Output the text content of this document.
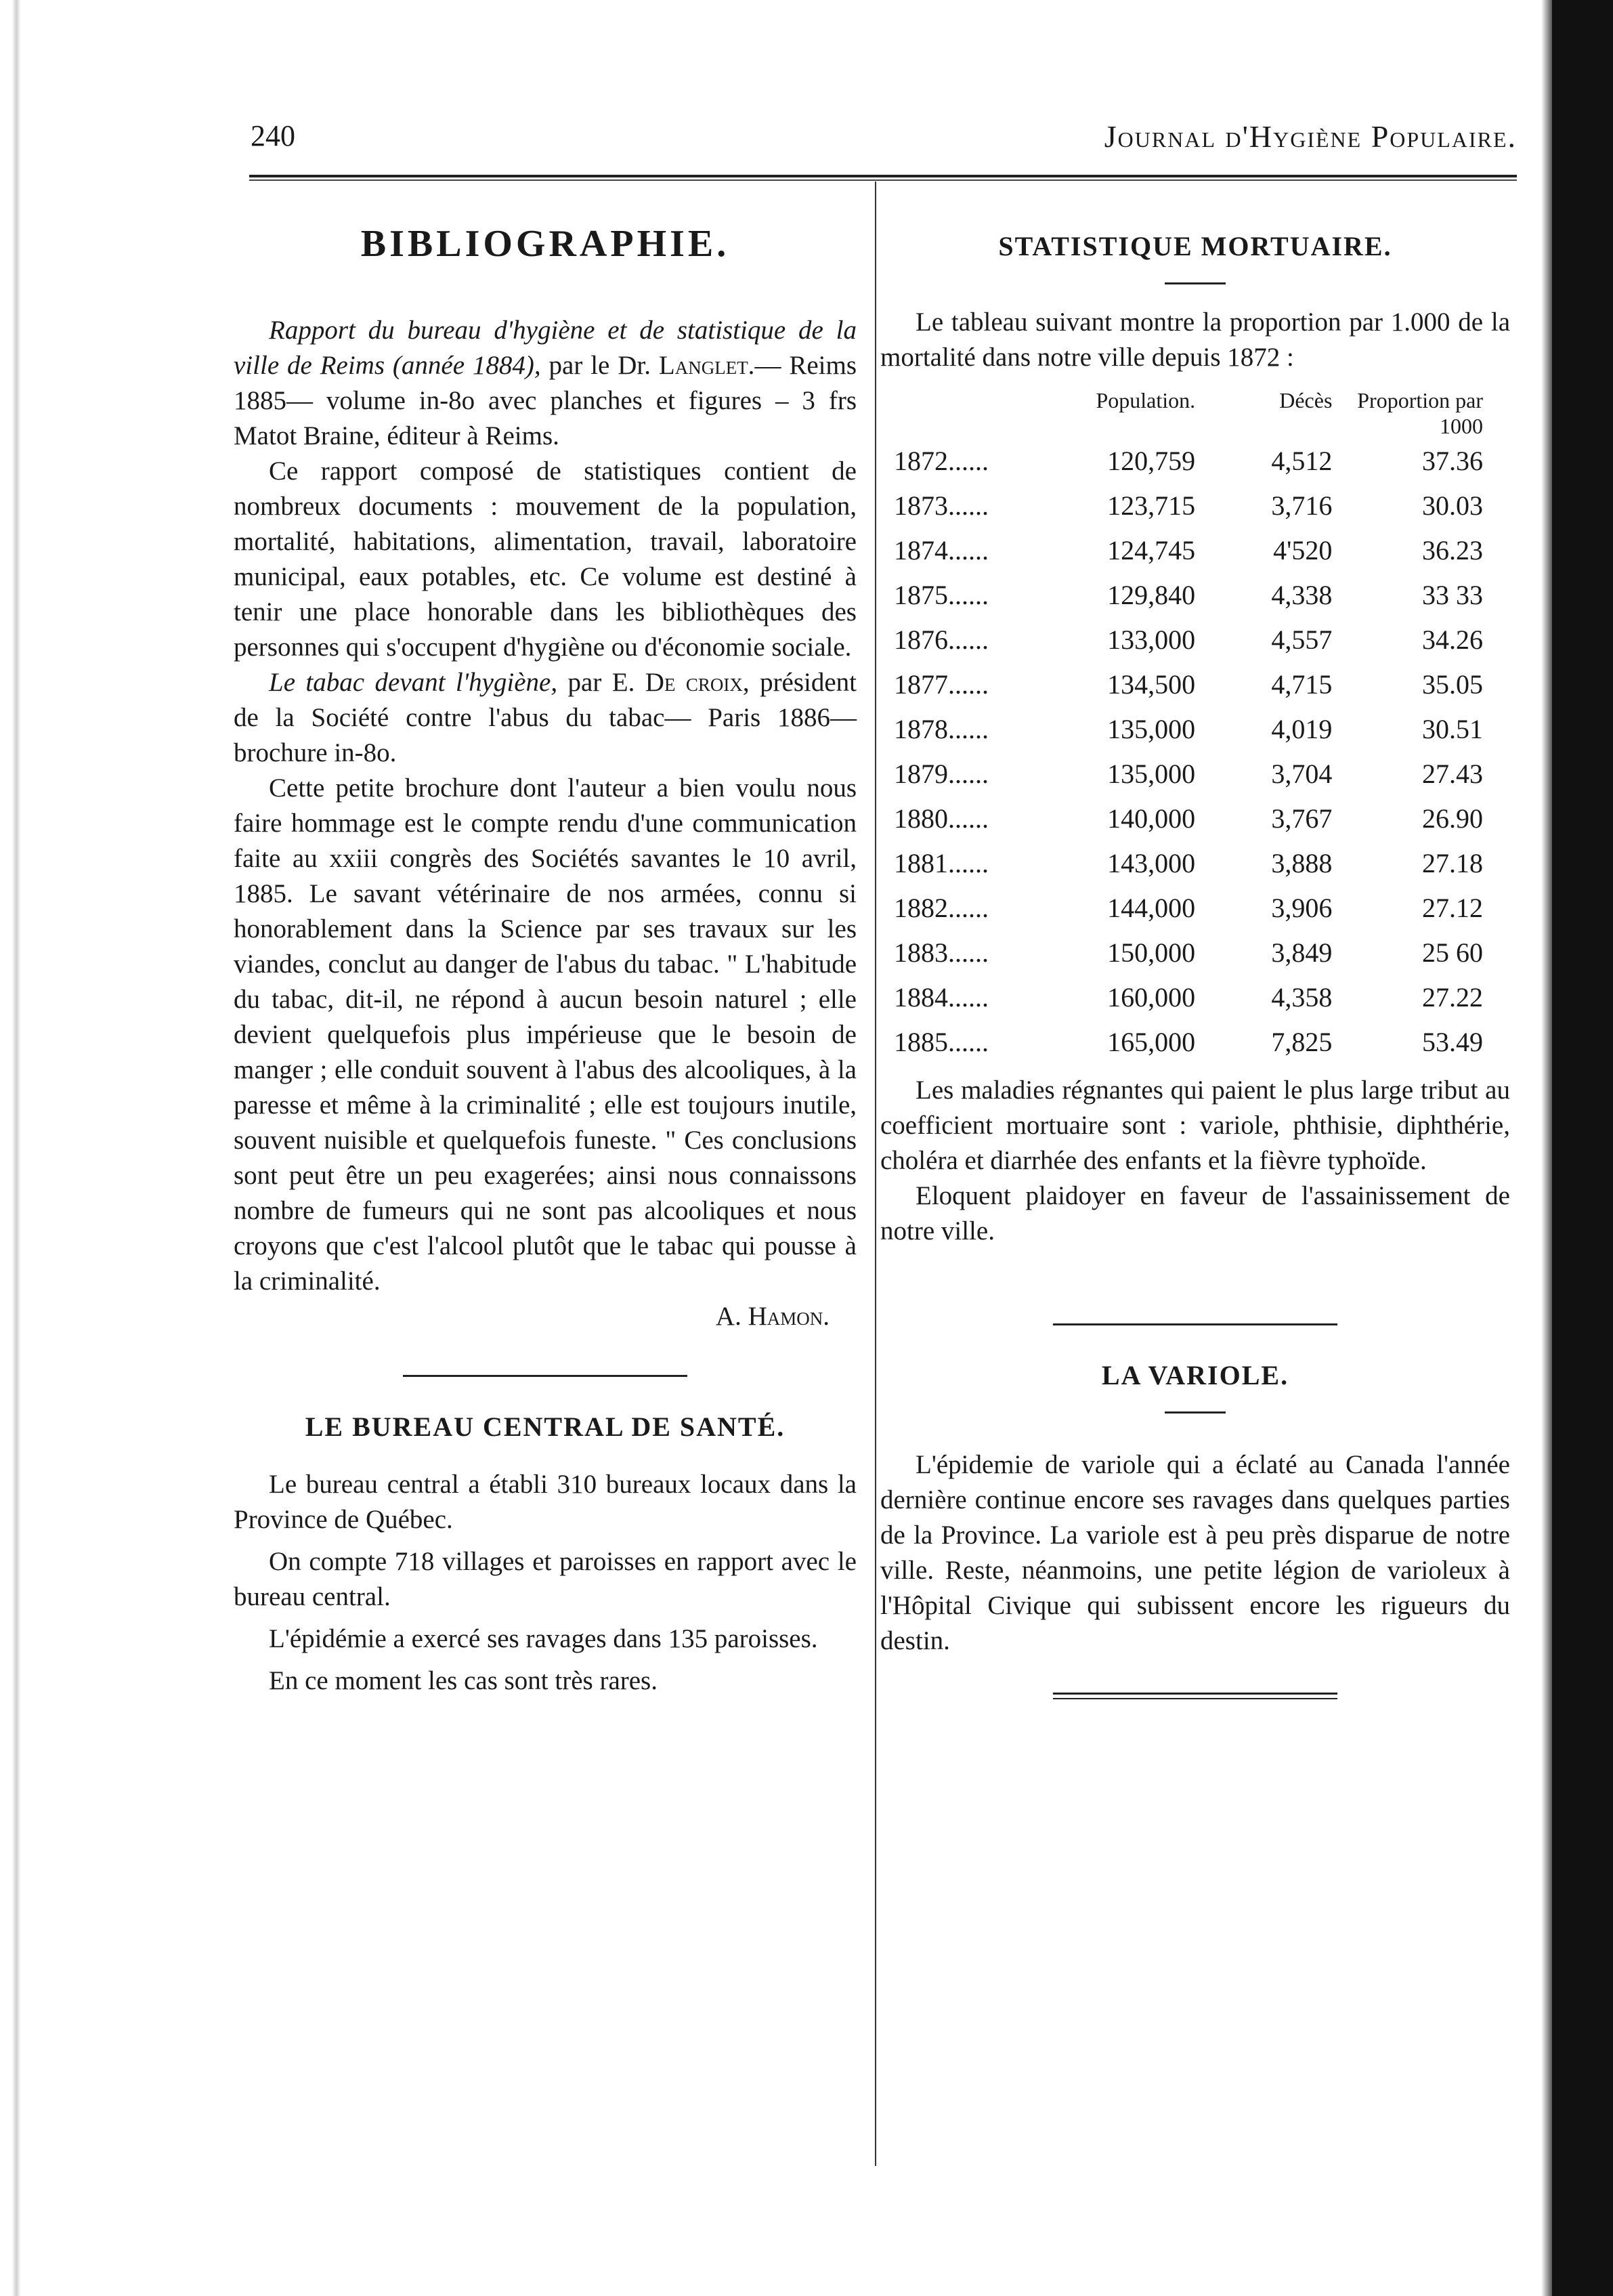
240	Journal d'Hygiène Populaire.
BIBLIOGRAPHIE.

Rapport du bureau d'hygiène et de statistique de la ville de Reims (année 1884), par le Dr. Langlet.— Reims 1885— volume in-8o avec planches et figures – 3 frs Matot Braine, éditeur à Reims.

Ce rapport composé de statistiques contient de nombreux documents : mouvement de la population, mortalité, habitations, alimentation, travail, laboratoire municipal, eaux potables, etc. Ce volume est destiné à tenir une place honorable dans les bibliothèques des personnes qui s'occupent d'hygiène ou d'économie sociale.

Le tabac devant l'hygiène, par E. De croix, président de la Société contre l'abus du tabac— Paris 1886— brochure in-8o.

Cette petite brochure dont l'auteur a bien voulu nous faire hommage est le compte rendu d'une communication faite au xxiii congrès des Sociétés savantes le 10 avril, 1885. Le savant vétérinaire de nos armées, connu si honorablement dans la Science par ses travaux sur les viandes, conclut au danger de l'abus du tabac. " L'habitude du tabac, dit-il, ne répond à aucun besoin naturel ; elle devient quelquefois plus impérieuse que le besoin de manger ; elle conduit souvent à l'abus des alcooliques, à la paresse et même à la criminalité ; elle est toujours inutile, souvent nuisible et quelquefois funeste. " Ces conclusions sont peut être un peu exagerées; ainsi nous connaissons nombre de fumeurs qui ne sont pas alcooliques et nous croyons que c'est l'alcool plutôt que le tabac qui pousse à la criminalité.

A. Hamon.

LE BUREAU CENTRAL DE SANTÉ.

Le bureau central a établi 310 bureaux locaux dans la Province de Québec.

On compte 718 villages et paroisses en rapport avec le bureau central.

L'épidémie a exercé ses ravages dans 135 paroisses.

En ce moment les cas sont très rares.

STATISTIQUE MORTUAIRE.

Le tableau suivant montre la proportion par 1.000 de la mortalité dans notre ville depuis 1872 :

	Population.	Décès	Proportion par 1000
1872......	120,759	4,512	37.36
1873......	123,715	3,716	30.03
1874......	124,745	4'520	36.23
1875......	129,840	4,338	33 33
1876......	133,000	4,557	34.26
1877......	134,500	4,715	35.05
1878......	135,000	4,019	30.51
1879......	135,000	3,704	27.43
1880......	140,000	3,767	26.90
1881......	143,000	3,888	27.18
1882......	144,000	3,906	27.12
1883......	150,000	3,849	25 60
1884......	160,000	4,358	27.22
1885......	165,000	7,825	53.49

Les maladies régnantes qui paient le plus large tribut au coefficient mortuaire sont : variole, phthisie, diphthérie, choléra et diarrhée des enfants et la fièvre typhoïde.

Eloquent plaidoyer en faveur de l'assainissement de notre ville.

LA VARIOLE.

L'épidemie de variole qui a éclaté au Canada l'année dernière continue encore ses ravages dans quelques parties de la Province. La variole est à peu près disparue de notre ville. Reste, néanmoins, une petite légion de varioleux à l'Hôpital Civique qui subissent encore les rigueurs du destin.
